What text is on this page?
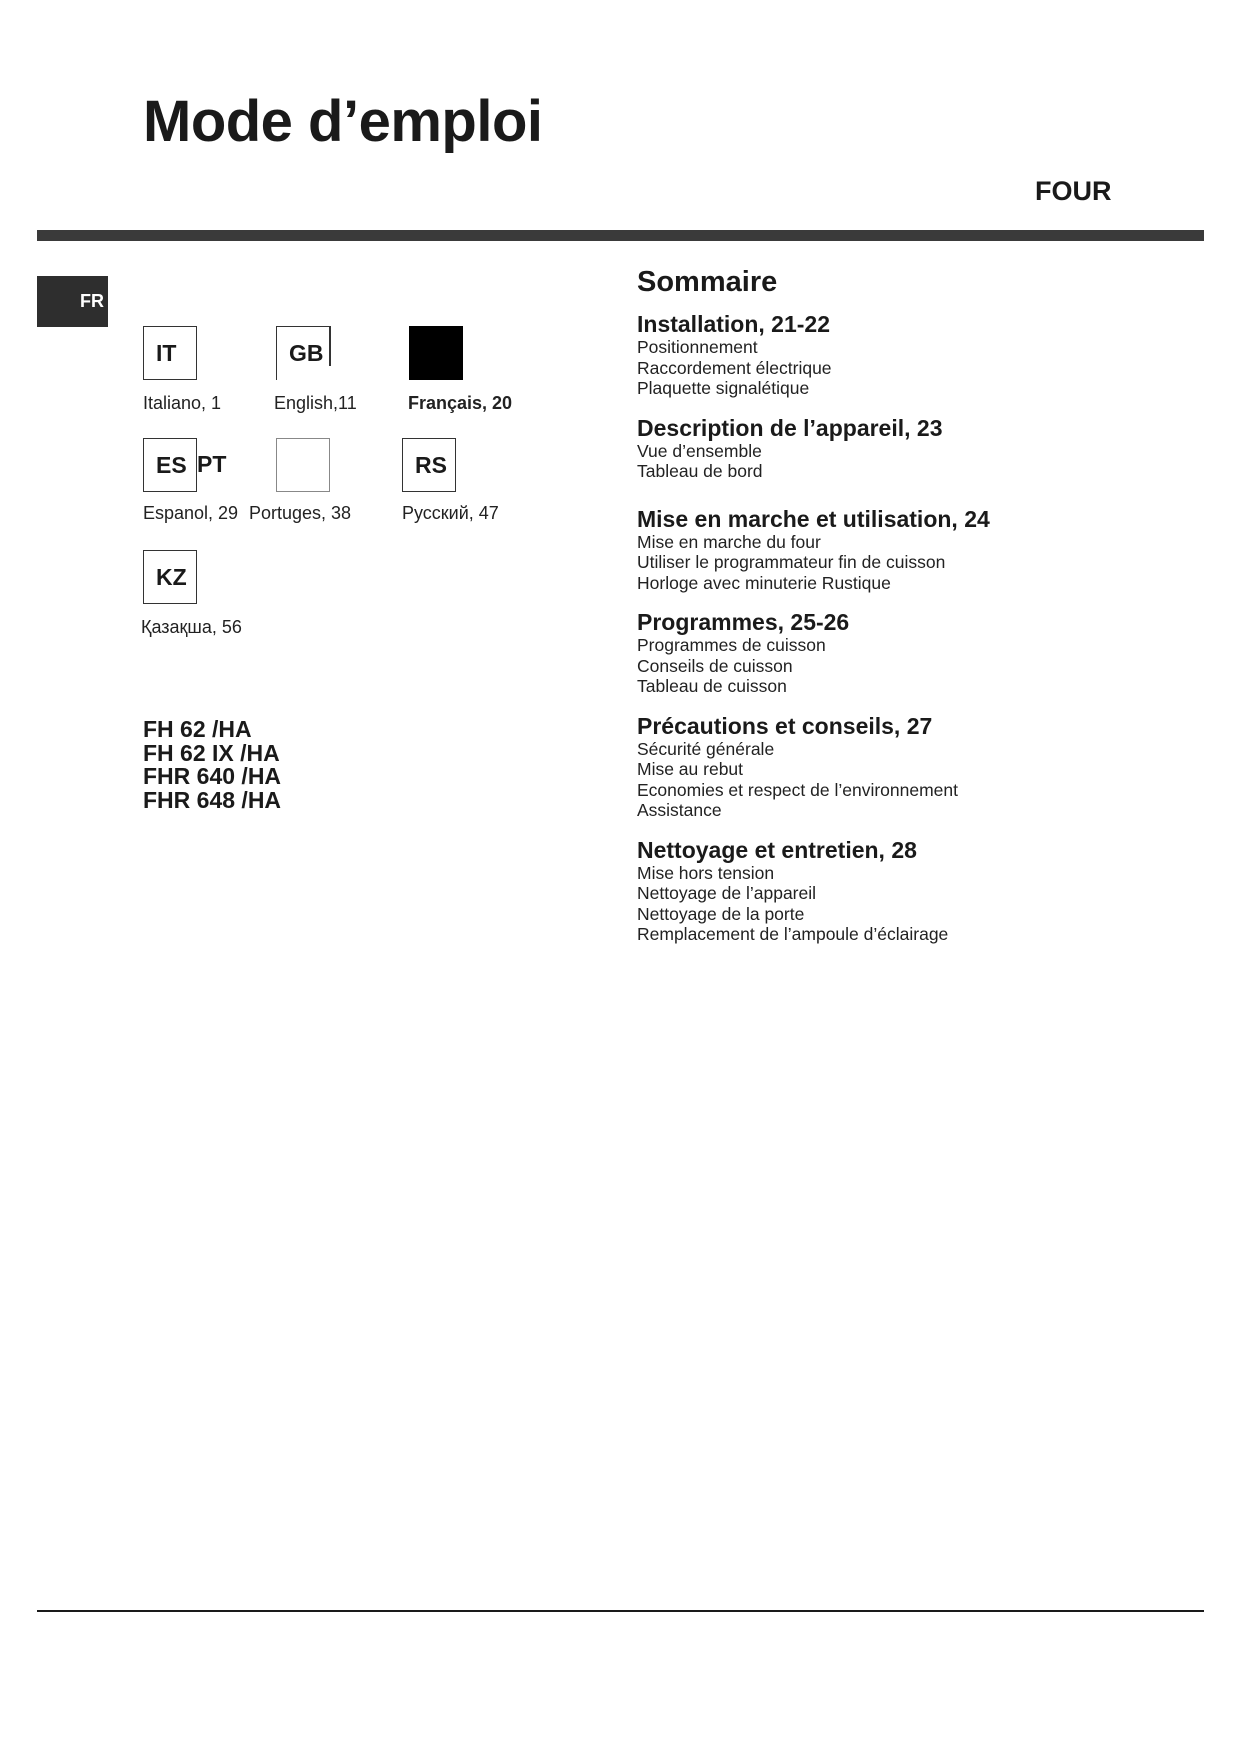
Mode d’emploi
FOUR
FR
IT
Italiano, 1
GB
English,11	Français, 20
ES PT
Espanol, 29 Portuges, 38
RS
Русский, 47
KZ
Қазақша, 56
FH 62 /HA
FH 62 IX /HA
FHR 640 /HA
FHR 648 /HA
Sommaire
Installation, 21-22
Positionnement
Raccordement électrique
Plaquette signalétique
Description de l’appareil, 23
Vue d’ensemble
Tableau de bord
Mise en marche et utilisation, 24
Mise en marche du four
Utiliser le programmateur fin de cuisson
Horloge avec minuterie Rustique
Programmes, 25-26
Programmes de cuisson
Conseils de cuisson
Tableau de cuisson
Précautions et conseils, 27
Sécurité générale
Mise au rebut
Economies et respect de l’environnement
Assistance
Nettoyage et entretien, 28
Mise hors tension
Nettoyage de l’appareil
Nettoyage de la porte
Remplacement de l’ampoule d’éclairage
